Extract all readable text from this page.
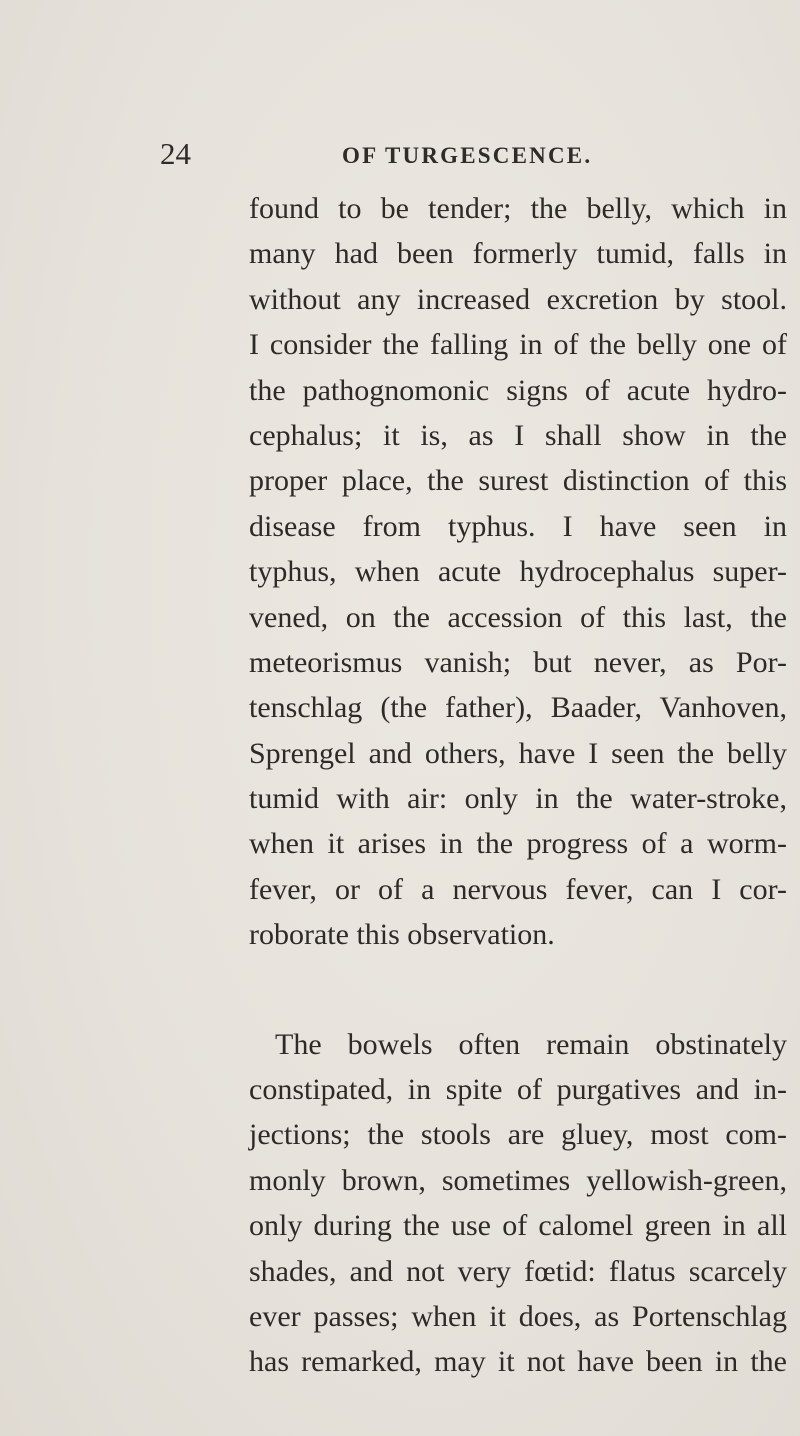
24	OF TURGESCENCE.
found to be tender; the belly, which in
many had been formerly tumid, falls in
without any increased excretion by stool.
I consider the falling in of the belly one of
the pathognomonic signs of acute hydro-
cephalus; it is, as I shall show in the
proper place, the surest distinction of this
disease from typhus. I have seen in
typhus, when acute hydrocephalus super-
vened, on the accession of this last, the
meteorismus vanish; but never, as Por-
tenschlag (the father), Baader, Vanhoven,
Sprengel and others, have I seen the belly
tumid with air: only in the water-stroke,
when it arises in the progress of a worm-
fever, or of a nervous fever, can I cor-
roborate this observation.
The bowels often remain obstinately
constipated, in spite of purgatives and in-
jections; the stools are gluey, most com-
monly brown, sometimes yellowish-green,
only during the use of calomel green in all
shades, and not very fœtid: flatus scarcely
ever passes; when it does, as Portenschlag
has remarked, may it not have been in the
